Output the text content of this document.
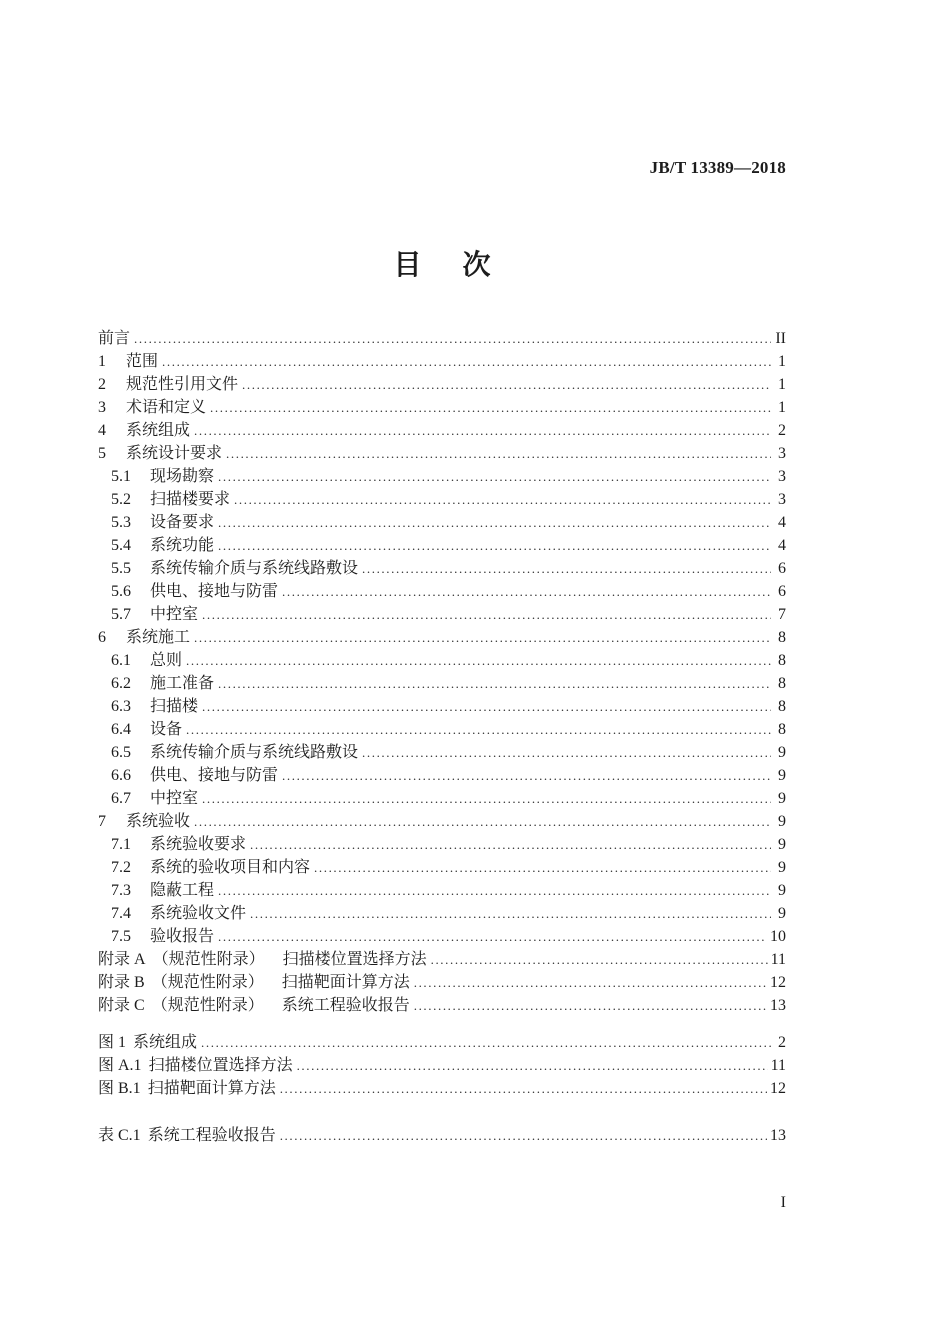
JB/T 13389—2018
目 次
前言 .....	II
1	范围 .....	1
2	规范性引用文件 .....	1
3	术语和定义 .....	1
4	系统组成 .....	2
5	系统设计要求 .....	3
5.1	现场勘察 .....	3
5.2	扫描楼要求 .....	3
5.3	设备要求 .....	4
5.4	系统功能 .....	4
5.5	系统传输介质与系统线路敷设 .....	6
5.6	供电、接地与防雷 .....	6
5.7	中控室 .....	7
6	系统施工 .....	8
6.1	总则 .....	8
6.2	施工准备 .....	8
6.3	扫描楼 .....	8
6.4	设备 .....	8
6.5	系统传输介质与系统线路敷设 .....	9
6.6	供电、接地与防雷 .....	9
6.7	中控室 .....	9
7	系统验收 .....	9
7.1	系统验收要求 .....	9
7.2	系统的验收项目和内容 .....	9
7.3	隐蔽工程 .....	9
7.4	系统验收文件 .....	9
7.5	验收报告 .....	10
附录 A （规范性附录） 扫描楼位置选择方法 .....	11
附录 B （规范性附录） 扫描靶面计算方法 .....	12
附录 C （规范性附录） 系统工程验收报告 .....	13
图 1 系统组成 .....	2
图 A.1 扫描楼位置选择方法 .....	11
图 B.1 扫描靶面计算方法 .....	12
表 C.1 系统工程验收报告 .....	13
I
